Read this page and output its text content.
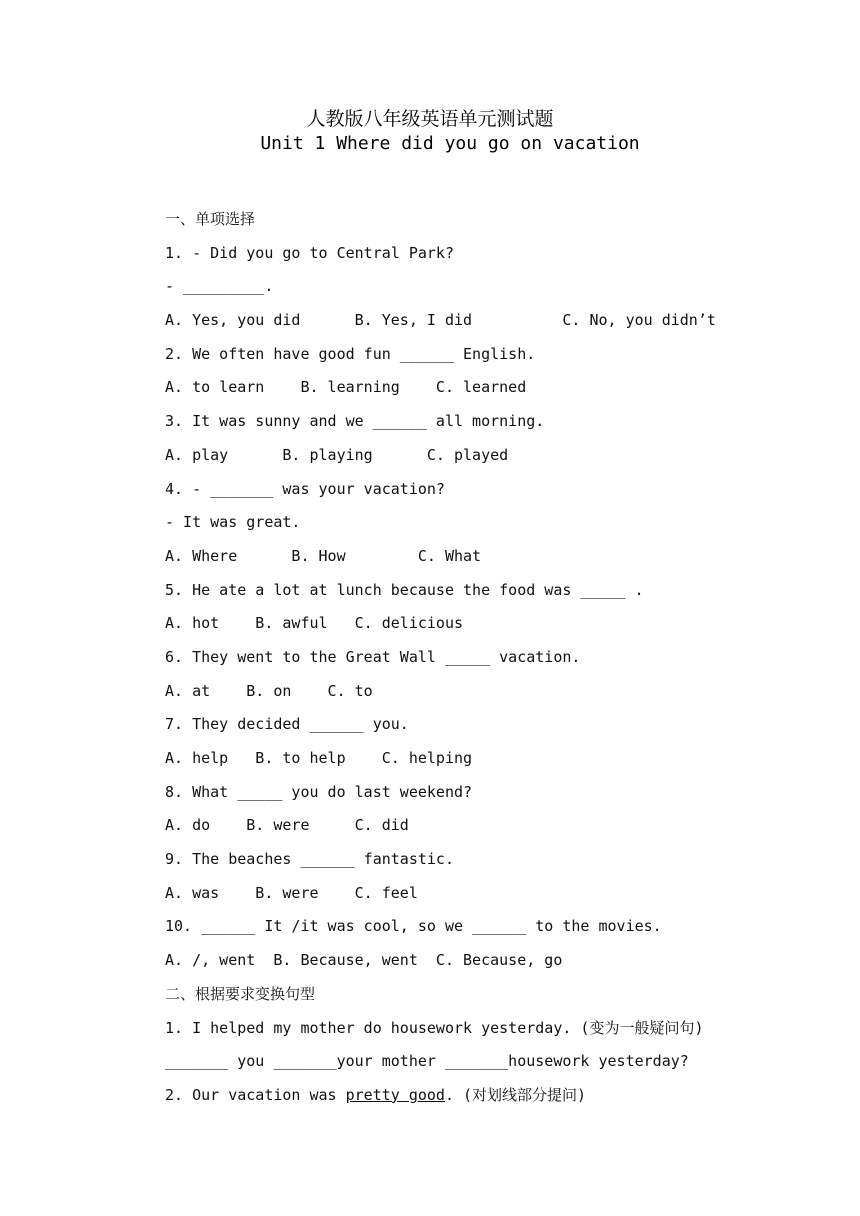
人教版八年级英语单元测试题
Unit 1 Where did you go on vacation
一、单项选择
1. - Did you go to Central Park?
- _________.
A. Yes, you did      B. Yes, I did          C. No, you didn’t
2. We often have good fun ______ English.
A. to learn    B. learning    C. learned
3. It was sunny and we ______ all morning.
A. play      B. playing      C. played
4. - _______ was your vacation?
- It was great.
A. Where      B. How        C. What
5. He ate a lot at lunch because the food was _____ .
A. hot    B. awful   C. delicious
6. They went to the Great Wall _____ vacation.
A. at    B. on    C. to
7. They decided ______ you.
A. help   B. to help    C. helping
8. What _____ you do last weekend?
A. do    B. were     C. did
9. The beaches ______ fantastic.
A. was    B. were    C. feel
10. ______ It /it was cool, so we ______ to the movies.
A. /, went  B. Because, went  C. Because, go
二、根据要求变换句型
1. I helped my mother do housework yesterday. (变为一般疑问句)
_______ you _______your mother _______housework yesterday?
2. Our vacation was pretty good. (对划线部分提问)
